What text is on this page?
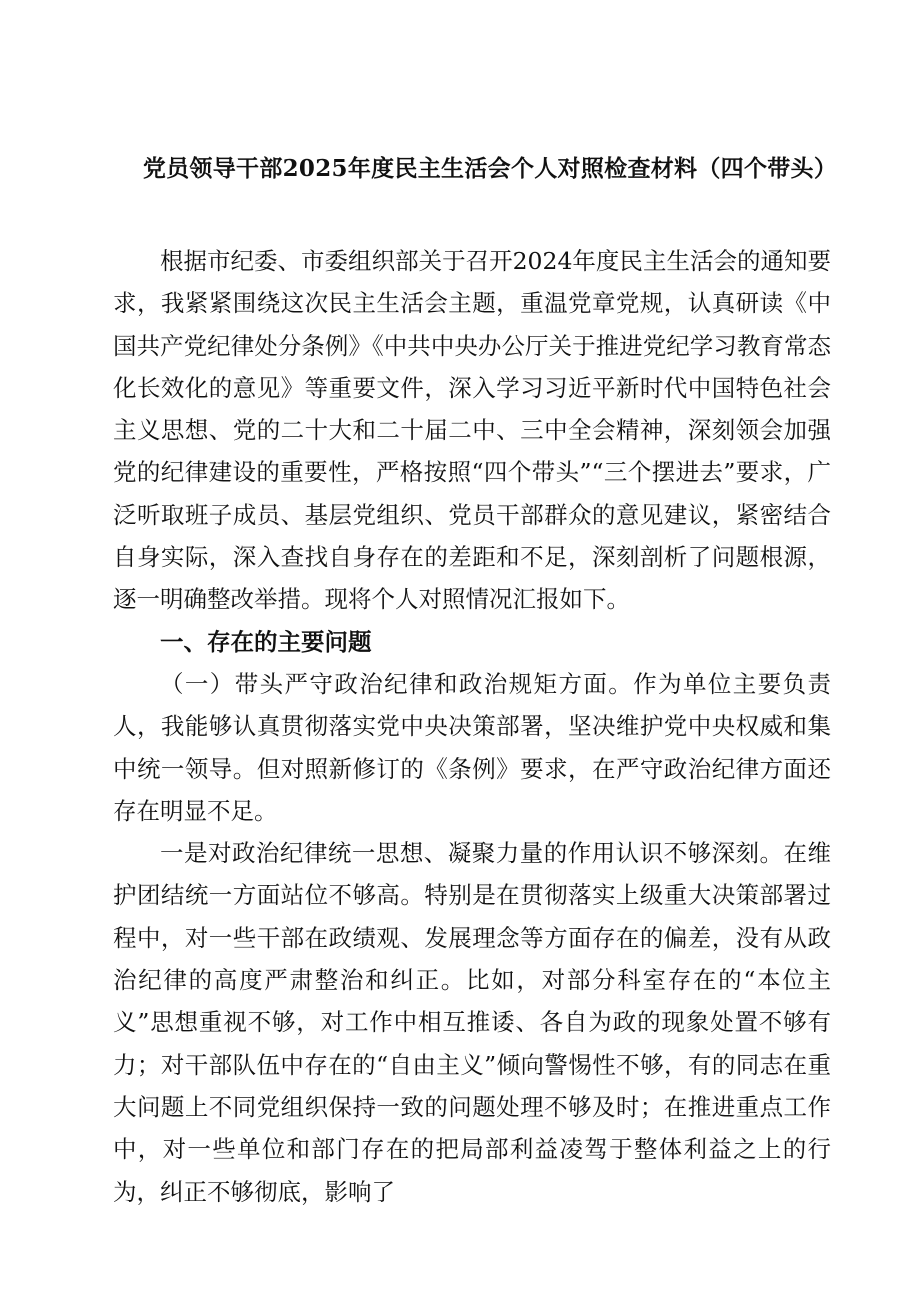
党员领导干部2025年度民主生活会个人对照检查材料（四个带头）

根据市纪委、市委组织部关于召开2024年度民主生活会的通知要求，我紧紧围绕这次民主生活会主题，重温党章党规，认真研读《中国共产党纪律处分条例》《中共中央办公厅关于推进党纪学习教育常态化长效化的意见》等重要文件，深入学习习近平新时代中国特色社会主义思想、党的二十大和二十届二中、三中全会精神，深刻领会加强党的纪律建设的重要性，严格按照“四个带头”“三个摆进去”要求，广泛听取班子成员、基层党组织、党员干部群众的意见建议，紧密结合自身实际，深入查找自身存在的差距和不足，深刻剖析了问题根源，逐一明确整改举措。现将个人对照情况汇报如下。

一、存在的主要问题

（一）带头严守政治纪律和政治规矩方面。作为单位主要负责人，我能够认真贯彻落实党中央决策部署，坚决维护党中央权威和集中统一领导。但对照新修订的《条例》要求，在严守政治纪律方面还存在明显不足。

一是对政治纪律统一思想、凝聚力量的作用认识不够深刻。在维护团结统一方面站位不够高。特别是在贯彻落实上级重大决策部署过程中，对一些干部在政绩观、发展理念等方面存在的偏差，没有从政治纪律的高度严肃整治和纠正。比如，对部分科室存在的“本位主义”思想重视不够，对工作中相互推诿、各自为政的现象处置不够有力；对干部队伍中存在的“自由主义”倾向警惕性不够，有的同志在重大问题上不同党组织保持一致的问题处理不够及时；在推进重点工作中，对一些单位和部门存在的把局部利益凌驾于整体利益之上的行为，纠正不够彻底，影响了
